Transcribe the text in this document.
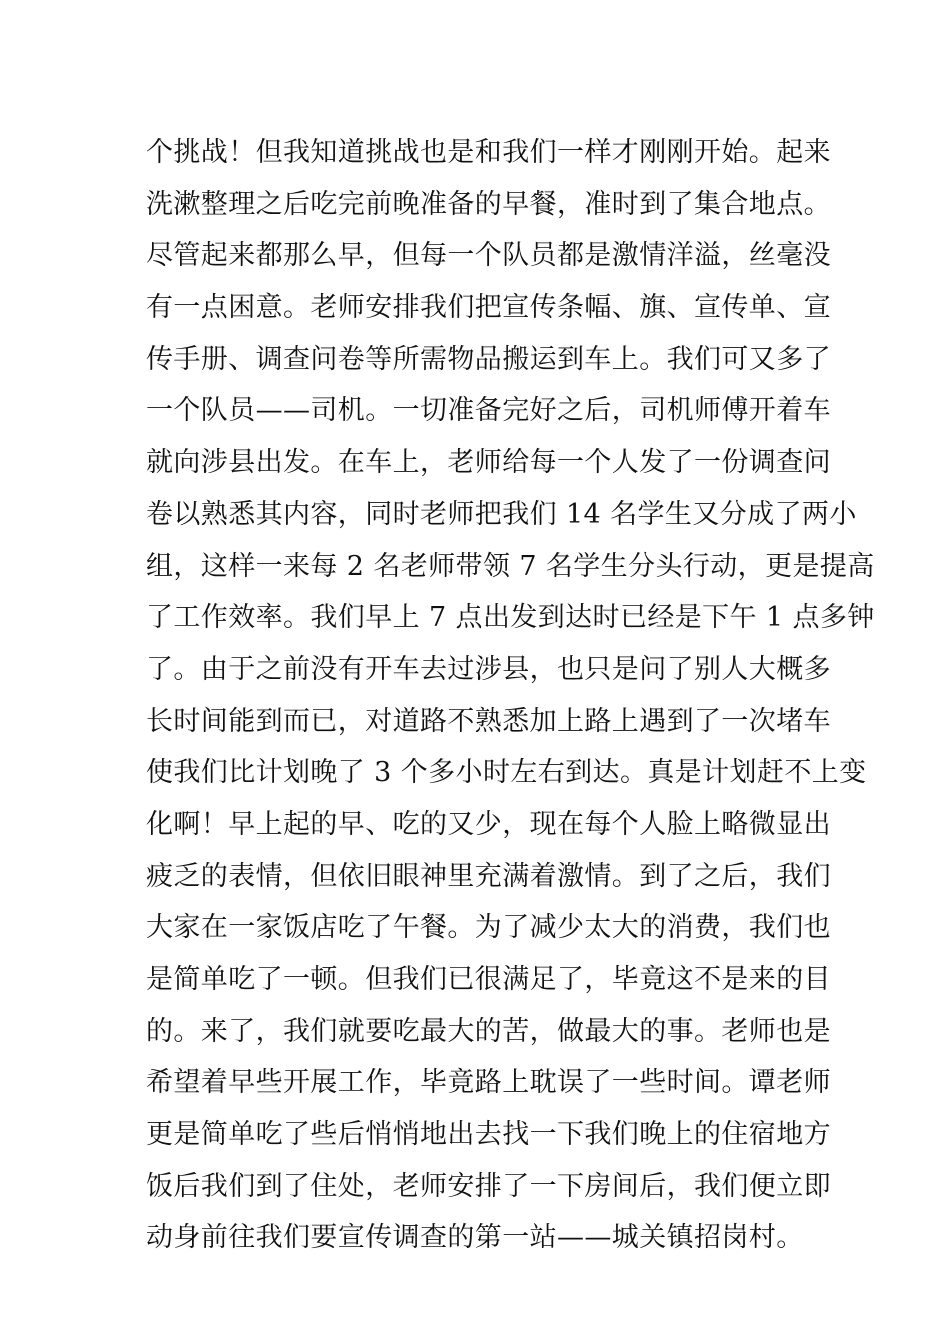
个挑战！但我知道挑战也是和我们一样才刚刚开始。起来
洗漱整理之后吃完前晚准备的早餐，准时到了集合地点。
尽管起来都那么早，但每一个队员都是激情洋溢，丝毫没
有一点困意。老师安排我们把宣传条幅、旗、宣传单、宣
传手册、调查问卷等所需物品搬运到车上。我们可又多了
一个队员——司机。一切准备完好之后，司机师傅开着车
就向涉县出发。在车上，老师给每一个人发了一份调查问
卷以熟悉其内容，同时老师把我们 14 名学生又分成了两小
组，这样一来每 2 名老师带领 7 名学生分头行动，更是提高
了工作效率。我们早上 7 点出发到达时已经是下午 1 点多钟
了。由于之前没有开车去过涉县，也只是问了别人大概多
长时间能到而已，对道路不熟悉加上路上遇到了一次堵车
使我们比计划晚了 3 个多小时左右到达。真是计划赶不上变
化啊！早上起的早、吃的又少，现在每个人脸上略微显出
疲乏的表情，但依旧眼神里充满着激情。到了之后，我们
大家在一家饭店吃了午餐。为了减少太大的消费，我们也
是简单吃了一顿。但我们已很满足了，毕竟这不是来的目
的。来了，我们就要吃最大的苦，做最大的事。老师也是
希望着早些开展工作，毕竟路上耽误了一些时间。谭老师
更是简单吃了些后悄悄地出去找一下我们晚上的住宿地方
饭后我们到了住处，老师安排了一下房间后，我们便立即
动身前往我们要宣传调查的第一站——城关镇招岗村。
